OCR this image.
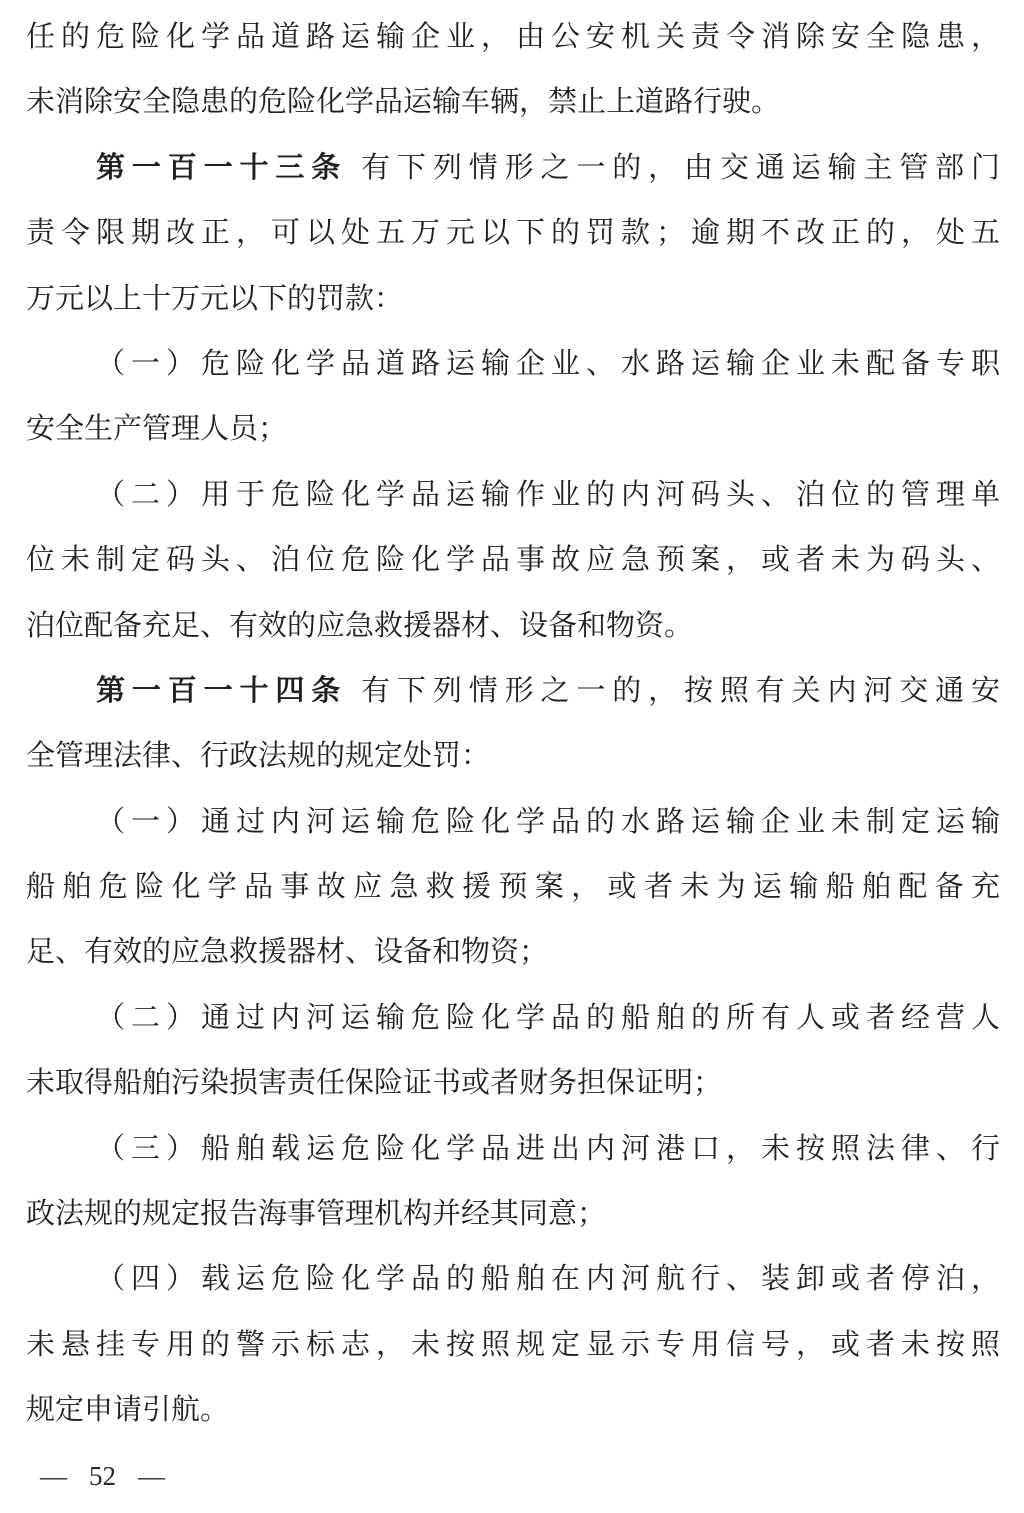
任的危险化学品道路运输企业，由公安机关责令消除安全隐患，
未消除安全隐患的危险化学品运输车辆，禁止上道路行驶。
第一百一十三条 有下列情形之一的，由交通运输主管部门
责令限期改正，可以处五万元以下的罚款；逾期不改正的，处五
万元以上十万元以下的罚款：
（一）危险化学品道路运输企业、水路运输企业未配备专职
安全生产管理人员；
（二）用于危险化学品运输作业的内河码头、泊位的管理单
位未制定码头、泊位危险化学品事故应急预案，或者未为码头、
泊位配备充足、有效的应急救援器材、设备和物资。
第一百一十四条 有下列情形之一的，按照有关内河交通安
全管理法律、行政法规的规定处罚：
（一）通过内河运输危险化学品的水路运输企业未制定运输
船舶危险化学品事故应急救援预案，或者未为运输船舶配备充
足、有效的应急救援器材、设备和物资；
（二）通过内河运输危险化学品的船舶的所有人或者经营人
未取得船舶污染损害责任保险证书或者财务担保证明；
（三）船舶载运危险化学品进出内河港口，未按照法律、行
政法规的规定报告海事管理机构并经其同意；
（四）载运危险化学品的船舶在内河航行、装卸或者停泊，
未悬挂专用的警示标志，未按照规定显示专用信号，或者未按照
规定申请引航。
— 52 —
